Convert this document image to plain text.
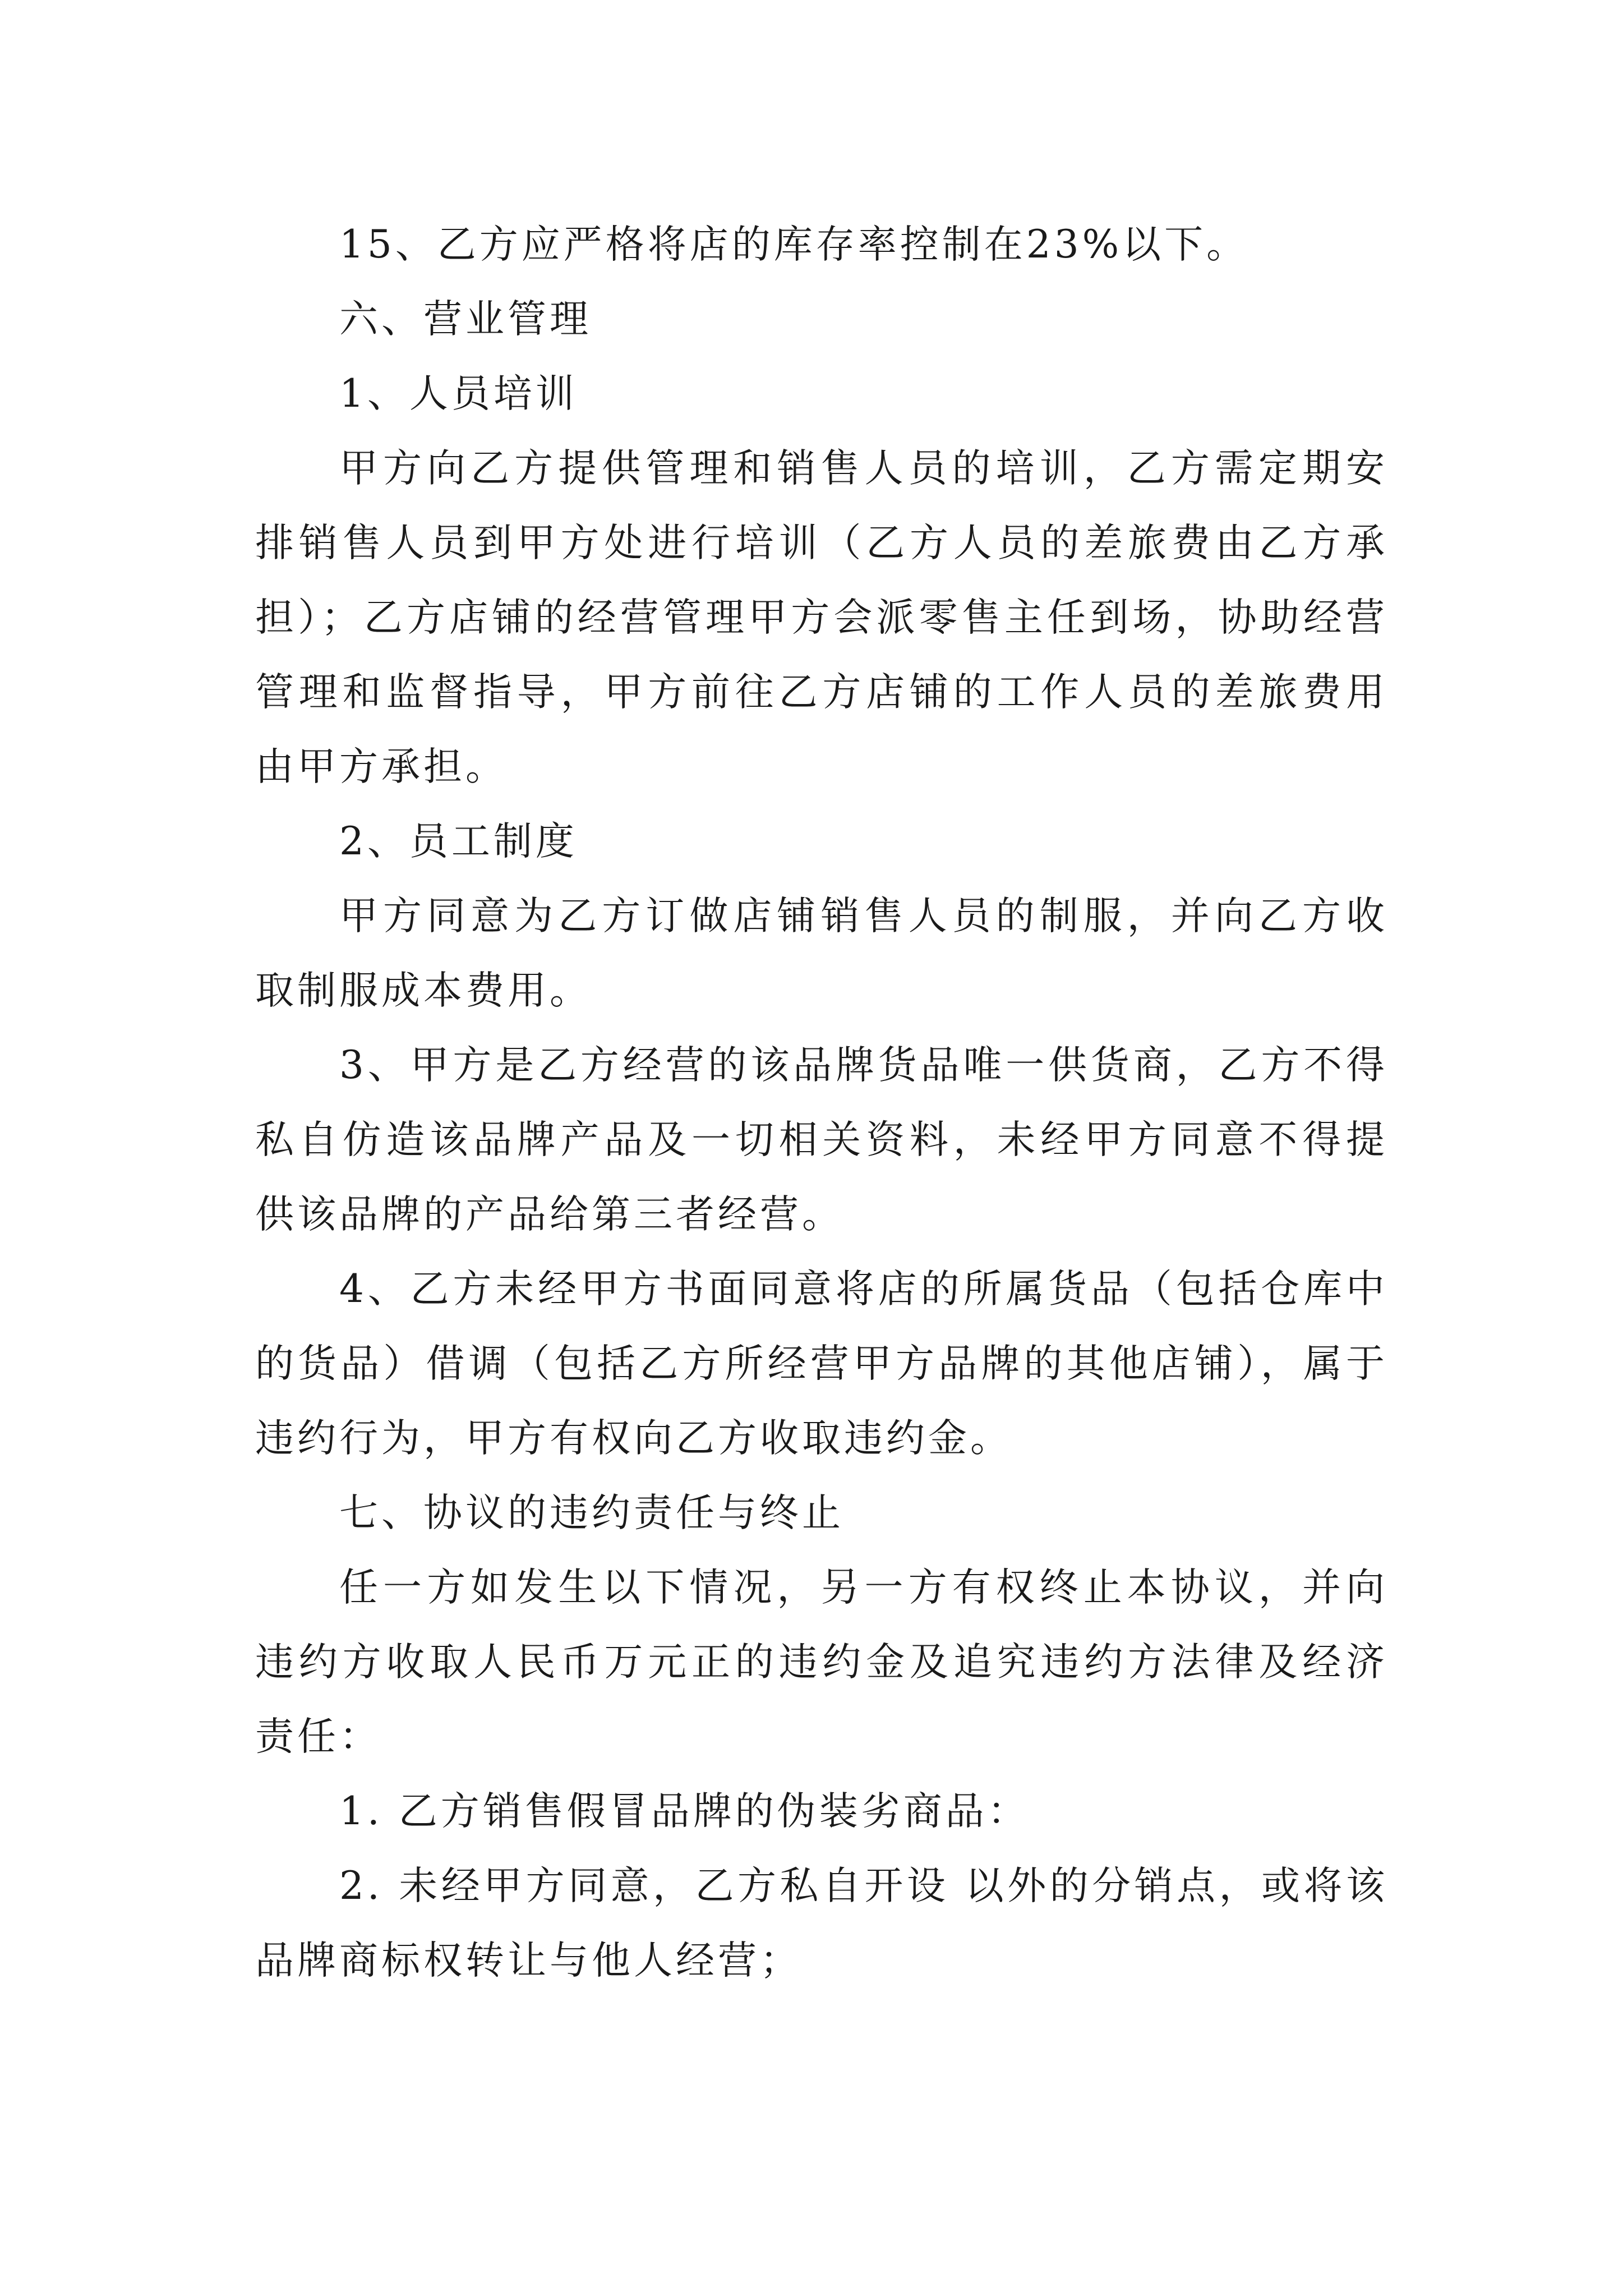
15、乙方应严格将店的库存率控制在23%以下。

六、营业管理

1、人员培训

甲方向乙方提供管理和销售人员的培训，乙方需定期安排销售人员到甲方处进行培训（乙方人员的差旅费由乙方承担）；乙方店铺的经营管理甲方会派零售主任到场，协助经营管理和监督指导，甲方前往乙方店铺的工作人员的差旅费用由甲方承担。

2、员工制度

甲方同意为乙方订做店铺销售人员的制服，并向乙方收取制服成本费用。

3、甲方是乙方经营的该品牌货品唯一供货商，乙方不得私自仿造该品牌产品及一切相关资料，未经甲方同意不得提供该品牌的产品给第三者经营。

4、乙方未经甲方书面同意将店的所属货品（包括仓库中的货品）借调（包括乙方所经营甲方品牌的其他店铺），属于违约行为，甲方有权向乙方收取违约金。

七、协议的违约责任与终止

任一方如发生以下情况，另一方有权终止本协议，并向违约方收取人民币万元正的违约金及追究违约方法律及经济责任：

1. 乙方销售假冒品牌的伪装劣商品：

2. 未经甲方同意，乙方私自开设 以外的分销点，或将该品牌商标权转让与他人经营；
